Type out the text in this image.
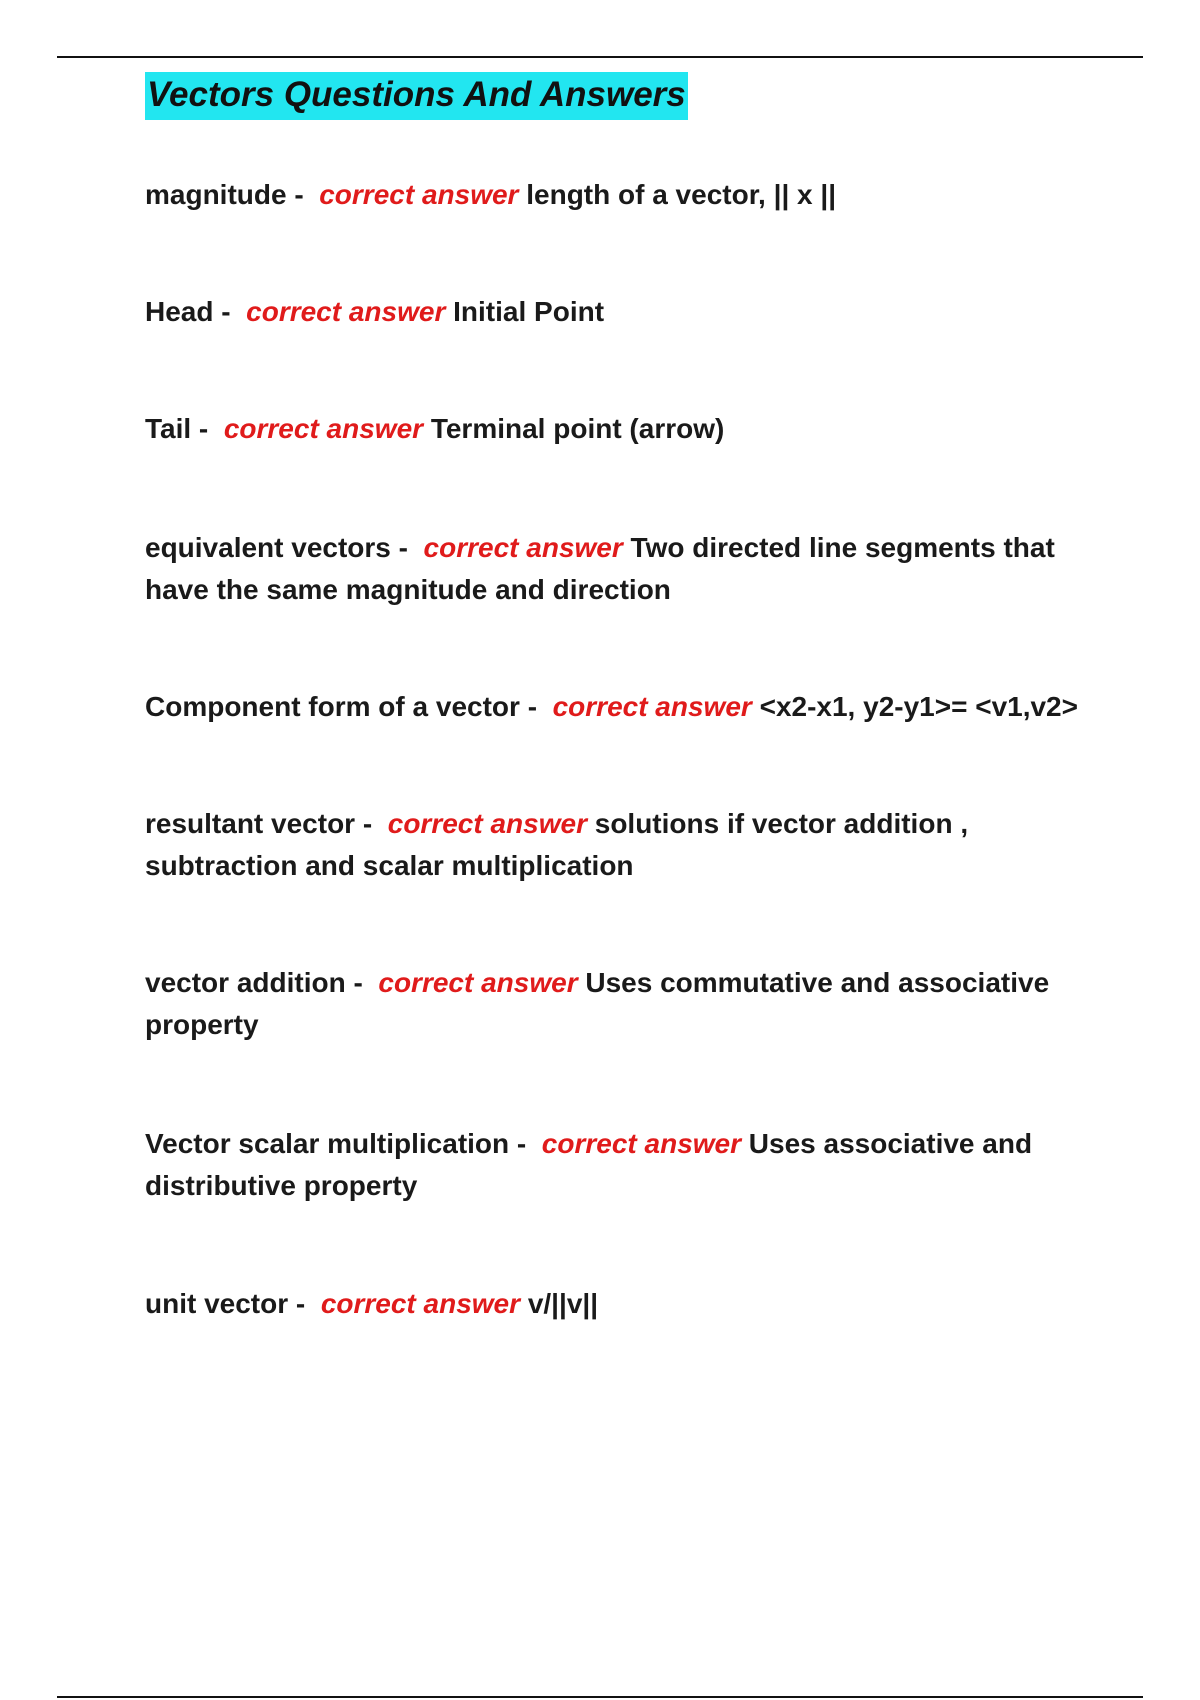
Vectors Questions And Answers
magnitude -  correct answer length of a vector, || x ||
Head -  correct answer Initial Point
Tail -  correct answer Terminal point (arrow)
equivalent vectors -  correct answer Two directed line segments that have the same magnitude and direction
Component form of a vector -  correct answer <x2-x1, y2-y1>= <v1,v2>
resultant vector -  correct answer solutions if vector addition , subtraction and scalar multiplication
vector addition -  correct answer Uses commutative and associative property
Vector scalar multiplication -  correct answer Uses associative and distributive property
unit vector -  correct answer v/||v||
